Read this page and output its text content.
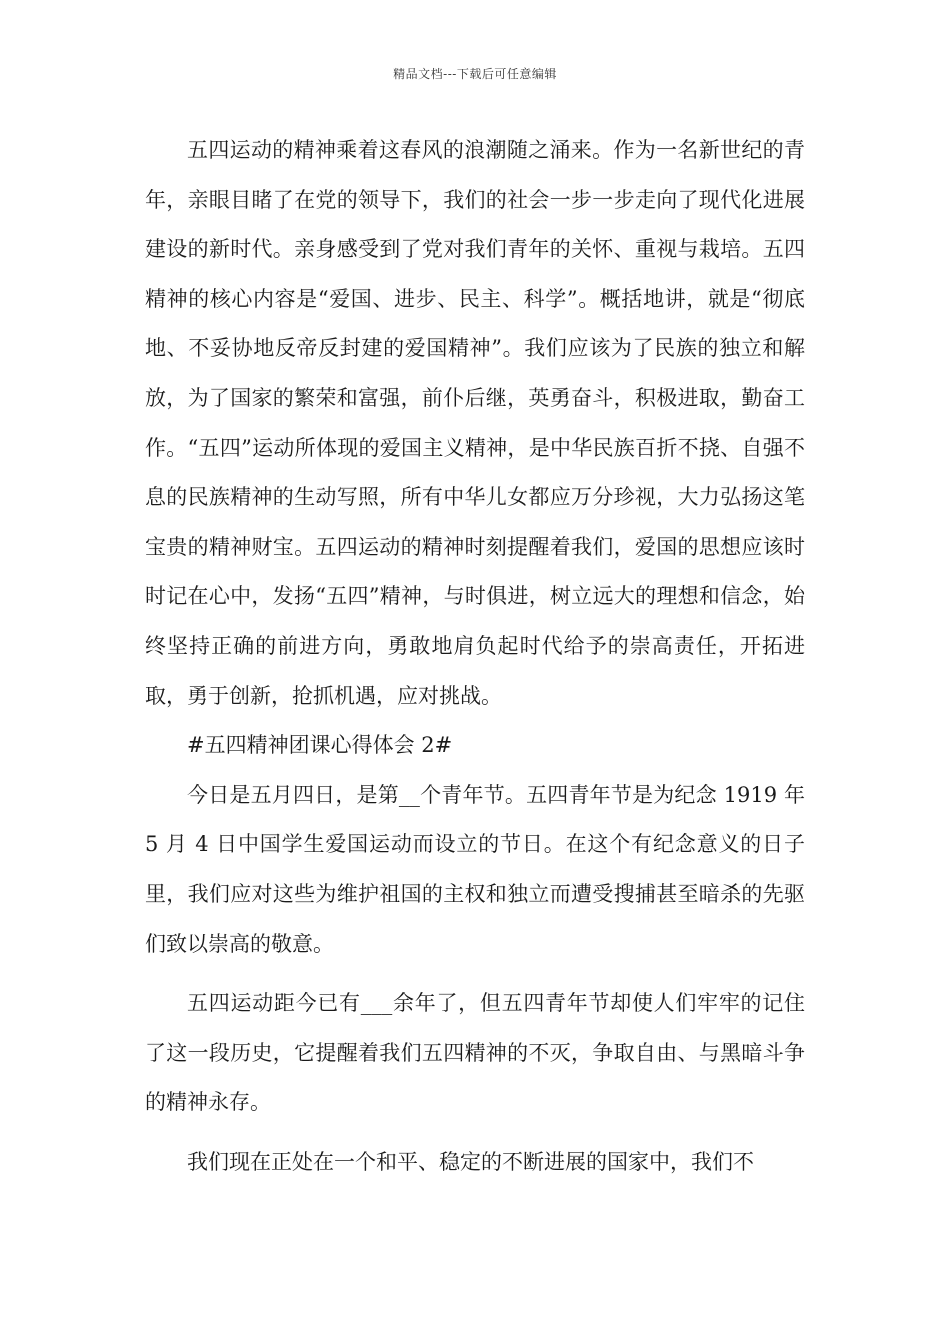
精品文档---下载后可任意编辑

五四运动的精神乘着这春风的浪潮随之涌来。作为一名新世纪的青年，亲眼目睹了在党的领导下，我们的社会一步一步走向了现代化进展建设的新时代。亲身感受到了党对我们青年的关怀、重视与栽培。五四精神的核心内容是“爱国、进步、民主、科学”。概括地讲，就是“彻底地、不妥协地反帝反封建的爱国精神”。我们应该为了民族的独立和解放，为了国家的繁荣和富强，前仆后继，英勇奋斗，积极进取，勤奋工作。“五四”运动所体现的爱国主义精神，是中华民族百折不挠、自强不息的民族精神的生动写照，所有中华儿女都应万分珍视，大力弘扬这笔宝贵的精神财宝。五四运动的精神时刻提醒着我们，爱国的思想应该时时记在心中，发扬“五四”精神，与时俱进，树立远大的理想和信念，始终坚持正确的前进方向，勇敢地肩负起时代给予的崇高责任，开拓进取，勇于创新，抢抓机遇，应对挑战。

#五四精神团课心得体会 2#

今日是五月四日，是第__个青年节。五四青年节是为纪念 1919 年 5 月 4 日中国学生爱国运动而设立的节日。在这个有纪念意义的日子里，我们应对这些为维护祖国的主权和独立而遭受搜捕甚至暗杀的先驱们致以崇高的敬意。

五四运动距今已有___余年了，但五四青年节却使人们牢牢的记住了这一段历史，它提醒着我们五四精神的不灭，争取自由、与黑暗斗争的精神永存。

我们现在正处在一个和平、稳定的不断进展的国家中，我们不
